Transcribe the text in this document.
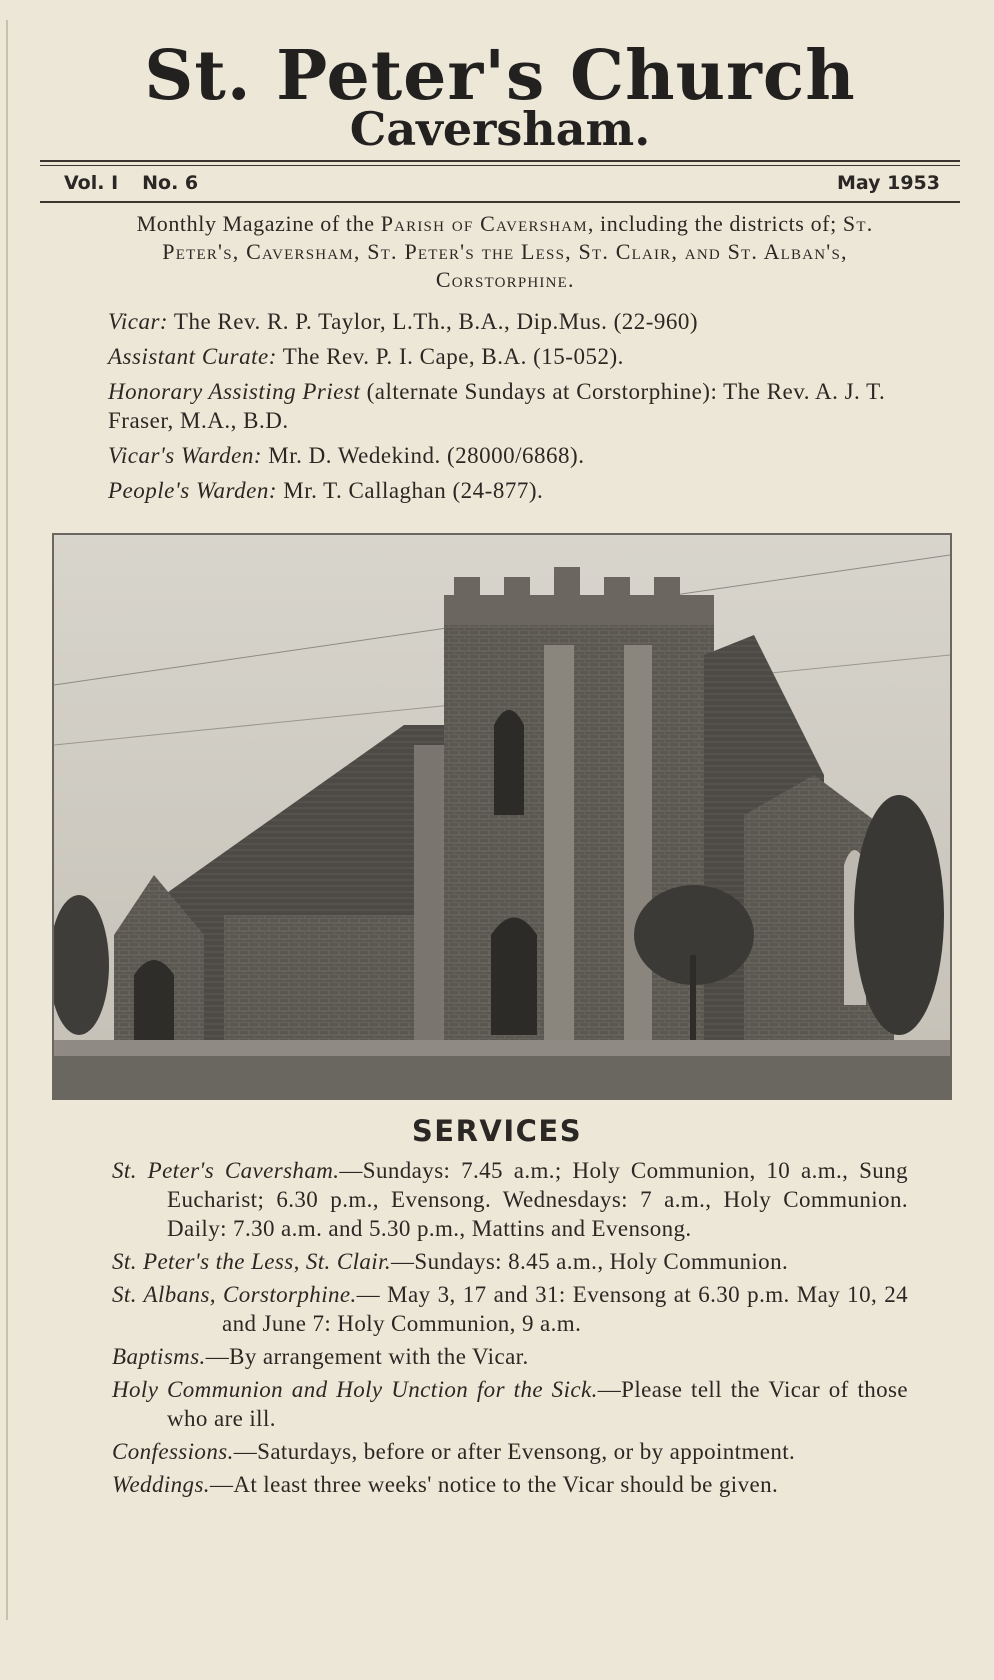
St. Peter's Church
Caversham.
Vol. I No. 6	May 1953
Monthly Magazine of the Parish of Caversham, including the districts of; St. Peter's, Caversham, St. Peter's the Less, St. Clair, and St. Alban's, Corstorphine.
Vicar: The Rev. R. P. Taylor, L.Th., B.A., Dip.Mus. (22-960)
Assistant Curate: The Rev. P. I. Cape, B.A. (15-052).
Honorary Assisting Priest (alternate Sundays at Corstorphine): The Rev. A. J. T. Fraser, M.A., B.D.
Vicar's Warden: Mr. D. Wedekind. (28000/6868).
People's Warden: Mr. T. Callaghan (24-877).
SERVICES
St. Peter's Caversham.—Sundays: 7.45 a.m.; Holy Communion, 10 a.m., Sung Eucharist; 6.30 p.m., Evensong. Wednesdays: 7 a.m., Holy Communion. Daily: 7.30 a.m. and 5.30 p.m., Mattins and Evensong.
St. Peter's the Less, St. Clair.—Sundays: 8.45 a.m., Holy Communion.
St. Albans, Corstorphine.— May 3, 17 and 31: Evensong at 6.30 p.m. May 10, 24 and June 7: Holy Communion, 9 a.m.
Baptisms.—By arrangement with the Vicar.
Holy Communion and Holy Unction for the Sick.—Please tell the Vicar of those who are ill.
Confessions.—Saturdays, before or after Evensong, or by appointment.
Weddings.—At least three weeks' notice to the Vicar should be given.
